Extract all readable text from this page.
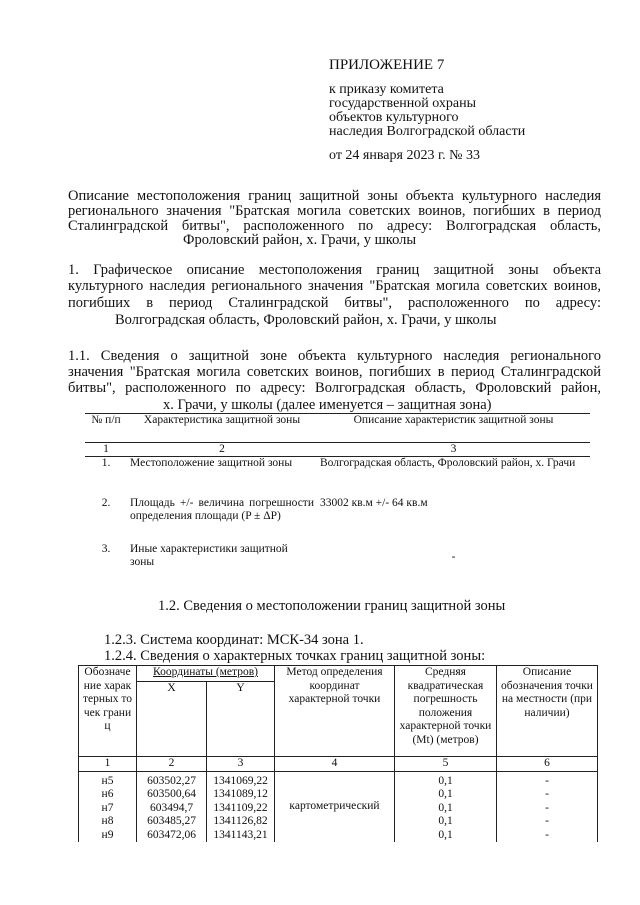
ПРИЛОЖЕНИЕ 7
к приказу комитета
государственной охраны
объектов культурного
наследия Волгоградской области
от 24 января 2023 г. № 33
Описание местоположения границ защитной зоны объекта культурного наследия
регионального значения "Братская могила советских воинов, погибших в период
Сталинградской битвы", расположенного по адресу: Волгоградская область,
Фроловский район, х. Грачи, у школы
1. Графическое описание местоположения границ защитной зоны объекта
культурного наследия регионального значения "Братская могила советских воинов,
погибших в период Сталинградской битвы", расположенного по адресу:
Волгоградская область, Фроловский район, х. Грачи, у школы
1.1. Сведения о защитной зоне объекта культурного наследия регионального
значения "Братская могила советских воинов, погибших в период Сталинградской
битвы", расположенного по адресу: Волгоградская область, Фроловский район,
х. Грачи, у школы (далее именуется – защитная зона)
№ п/п	Характеристика защитной зоны	Описание характеристик защитной зоны
1	2	3
1.	Местоположение защитной зоны	Волгоградская область, Фроловский район, х. Грачи
2.	Площадь +/- величина погрешности определения площади (P ± ΔP)	33002 кв.м +/- 64 кв.м
3.	Иные характеристики защитной зоны	-
1.2. Сведения о местоположении границ защитной зоны
1.2.3. Система координат: МСК-34 зона 1.
1.2.4. Сведения о характерных точках границ защитной зоны:
Обозначение характерных точек границ	Координаты (метров)		Метод определения координат характерной точки	Средняя квадратическая погрешность положения характерной точки (Mt) (метров)	Описание обозначения точки на местности (при наличии)
	X	Y			
1	2	3	4	5	6
н5	603502,27	1341069,22	картометрический	0,1	-
н6	603500,64	1341089,12		0,1	-
н7	603494,7	1341109,22		0,1	-
н8	603485,27	1341126,82		0,1	-
н9	603472,06	1341143,21		0,1	-
